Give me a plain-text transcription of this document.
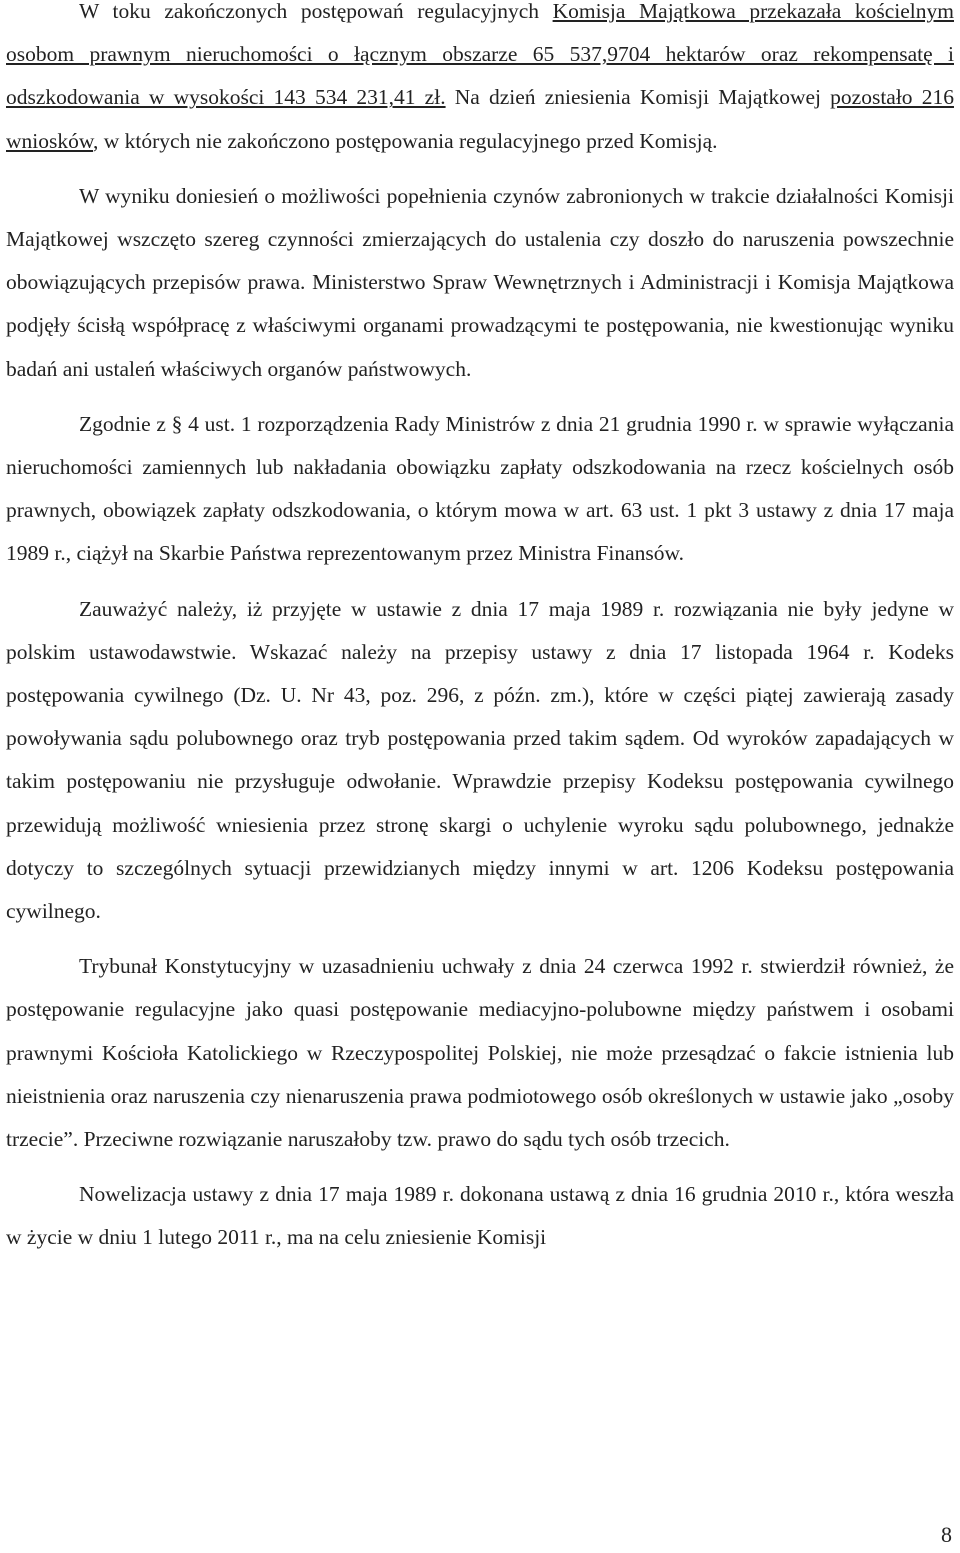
W toku zakończonych postępowań regulacyjnych Komisja Majątkowa przekazała kościelnym osobom prawnym nieruchomości o łącznym obszarze 65 537,9704 hektarów oraz rekompensatę i odszkodowania w wysokości 143 534 231,41 zł. Na dzień zniesienia Komisji Majątkowej pozostało 216 wniosków, w których nie zakończono postępowania regulacyjnego przed Komisją.

W wyniku doniesień o możliwości popełnienia czynów zabronionych w trakcie działalności Komisji Majątkowej wszczęto szereg czynności zmierzających do ustalenia czy doszło do naruszenia powszechnie obowiązujących przepisów prawa. Ministerstwo Spraw Wewnętrznych i Administracji i Komisja Majątkowa podjęły ścisłą współpracę z właściwymi organami prowadzącymi te postępowania, nie kwestionując wyniku badań ani ustaleń właściwych organów państwowych.

Zgodnie z § 4 ust. 1 rozporządzenia Rady Ministrów z dnia 21 grudnia 1990 r. w sprawie wyłączania nieruchomości zamiennych lub nakładania obowiązku zapłaty odszkodowania na rzecz kościelnych osób prawnych, obowiązek zapłaty odszkodowania, o którym mowa w art. 63 ust. 1 pkt 3 ustawy z dnia 17 maja 1989 r., ciążył na Skarbie Państwa reprezentowanym przez Ministra Finansów.

Zauważyć należy, iż przyjęte w ustawie z dnia 17 maja 1989 r. rozwiązania nie były jedyne w polskim ustawodawstwie. Wskazać należy na przepisy ustawy z dnia 17 listopada 1964 r. Kodeks postępowania cywilnego (Dz. U. Nr 43, poz. 296, z późn. zm.), które w części piątej zawierają zasady powoływania sądu polubownego oraz tryb postępowania przed takim sądem. Od wyroków zapadających w takim postępowaniu nie przysługuje odwołanie. Wprawdzie przepisy Kodeksu postępowania cywilnego przewidują możliwość wniesienia przez stronę skargi o uchylenie wyroku sądu polubownego, jednakże dotyczy to szczególnych sytuacji przewidzianych między innymi w art. 1206 Kodeksu postępowania cywilnego.

Trybunał Konstytucyjny w uzasadnieniu uchwały z dnia 24 czerwca 1992 r. stwierdził również, że postępowanie regulacyjne jako quasi postępowanie mediacyjno-polubowne między państwem i osobami prawnymi Kościoła Katolickiego w Rzeczypospolitej Polskiej, nie może przesądzać o fakcie istnienia lub nieistnienia oraz naruszenia czy nienaruszenia prawa podmiotowego osób określonych w ustawie jako „osoby trzecie”. Przeciwne rozwiązanie naruszałoby tzw. prawo do sądu tych osób trzecich.

Nowelizacja ustawy z dnia 17 maja 1989 r. dokonana ustawą z dnia 16 grudnia 2010 r., która weszła w życie w dniu 1 lutego 2011 r., ma na celu zniesienie Komisji

8
